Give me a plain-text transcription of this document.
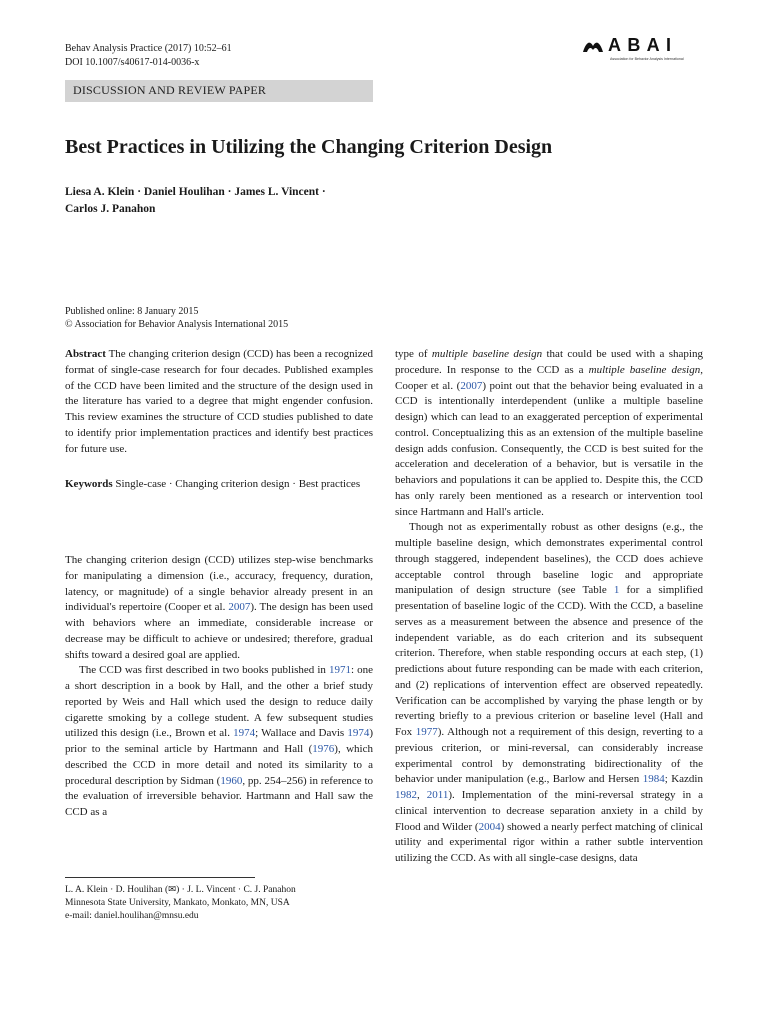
Behav Analysis Practice (2017) 10:52–61
DOI 10.1007/s40617-014-0036-x
A B A I
Association for Behavior Analysis International
DISCUSSION AND REVIEW PAPER
Best Practices in Utilizing the Changing Criterion Design
Liesa A. Klein · Daniel Houlihan · James L. Vincent ·
Carlos J. Panahon
Published online: 8 January 2015
© Association for Behavior Analysis International 2015

Abstract The changing criterion design (CCD) has been a recognized format of single-case research for four decades. Published examples of the CCD have been limited and the structure of the design used in the literature has varied to a degree that might engender confusion. This review examines the structure of CCD studies published to date to identify prior implementation practices and identify best practices for future use.

Keywords Single-case · Changing criterion design · Best practices

The changing criterion design (CCD) utilizes step-wise benchmarks for manipulating a dimension (i.e., accuracy, frequency, duration, latency, or magnitude) of a single behavior already present in an individual's repertoire (Cooper et al. 2007). The design has been used with behaviors where an immediate, considerable increase or decrease may be difficult to achieve or undesired; therefore, gradual shifts toward a desired goal are applied.

The CCD was first described in two books published in 1971: one a short description in a book by Hall, and the other a brief study reported by Weis and Hall which used the design to reduce daily cigarette smoking by a college student. A few subsequent studies utilized this design (i.e., Brown et al. 1974; Wallace and Davis 1974) prior to the seminal article by Hartmann and Hall (1976), which described the CCD in more detail and noted its similarity to a procedural description by Sidman (1960, pp. 254–256) in reference to the evaluation of irreversible behavior. Hartmann and Hall saw the CCD as a

type of multiple baseline design that could be used with a shaping procedure. In response to the CCD as a multiple baseline design, Cooper et al. (2007) point out that the behavior being evaluated in a CCD is intentionally interdependent (unlike a multiple baseline design) which can lead to an exaggerated perception of experimental control. Conceptualizing this as an extension of the multiple baseline design adds confusion. Consequently, the CCD is best suited for the acceleration and deceleration of a behavior, but is versatile in the behaviors and populations it can be applied to. Despite this, the CCD has only rarely been mentioned as a research or intervention tool since Hartmann and Hall's article.

Though not as experimentally robust as other designs (e.g., the multiple baseline design, which demonstrates experimental control through staggered, independent baselines), the CCD does achieve acceptable control through baseline logic and appropriate manipulation of design structure (see Table 1 for a simplified presentation of baseline logic of the CCD). With the CCD, a baseline serves as a measurement between the absence and presence of the independent variable, as do each criterion and its subsequent criterion. Therefore, when stable responding occurs at each step, (1) predictions about future responding can be made with each criterion, and (2) replications of intervention effect are observed repeatedly. Verification can be accomplished by varying the phase length or by reverting briefly to a previous criterion or baseline level (Hall and Fox 1977). Although not a requirement of this design, reverting to a previous criterion, or mini-reversal, can considerably increase experimental control by demonstrating bidirectionality of the behavior under manipulation (e.g., Barlow and Hersen 1984; Kazdin 1982, 2011). Implementation of the mini-reversal strategy in a clinical intervention to decrease separation anxiety in a child by Flood and Wilder (2004) showed a nearly perfect matching of clinical utility and experimental rigor within a rather subtle intervention utilizing the CCD. As with all single-case designs, data

L. A. Klein · D. Houlihan (✉) · J. L. Vincent · C. J. Panahon
Minnesota State University, Mankato, Monkato, MN, USA
e-mail: daniel.houlihan@mnsu.edu
